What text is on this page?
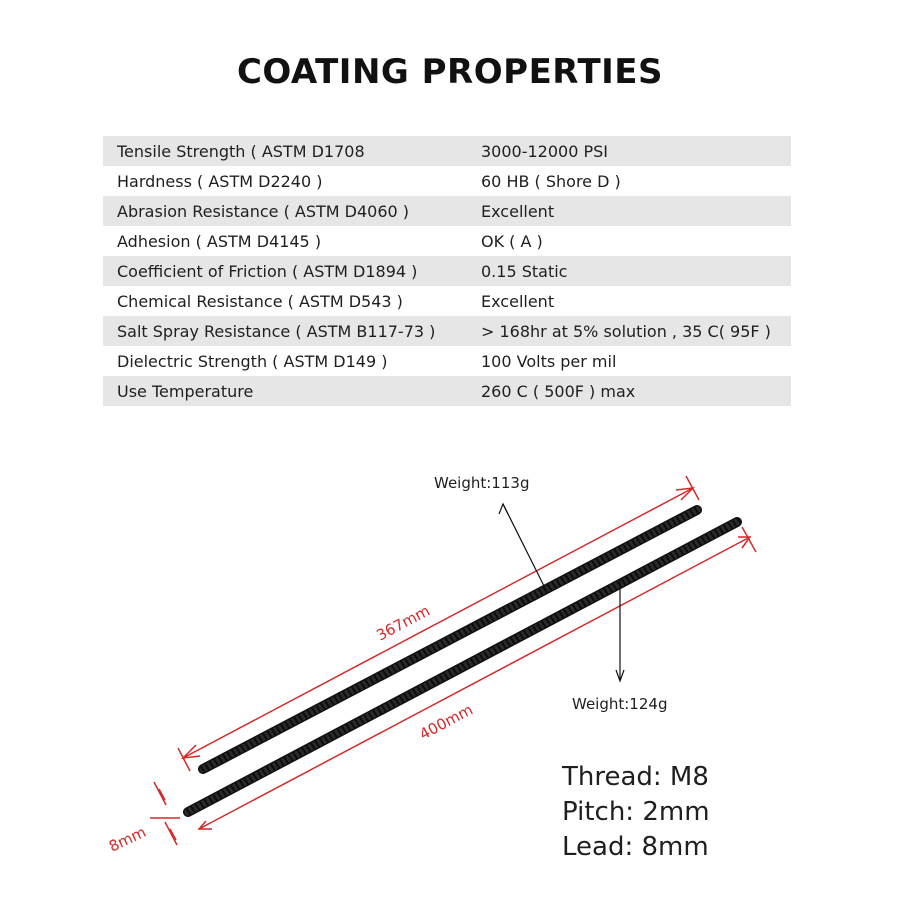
COATING PROPERTIES
Tensile Strength ( ASTM D1708	3000-12000 PSI
Hardness ( ASTM D2240 )	60 HB ( Shore D )
Abrasion Resistance ( ASTM D4060 )	Excellent
Adhesion ( ASTM D4145 )	OK ( A )
Coefficient of Friction ( ASTM D1894 )	0.15 Static
Chemical Resistance ( ASTM D543 )	Excellent
Salt Spray Resistance ( ASTM B117-73 )	> 168hr at 5% solution , 35 C( 95F )
Dielectric Strength ( ASTM D149 )	100 Volts per mil
Use Temperature	260 C ( 500F ) max
Weight:113g
Weight:124g
367mm
400mm
8mm
Thread: M8
Pitch: 2mm
Lead: 8mm
